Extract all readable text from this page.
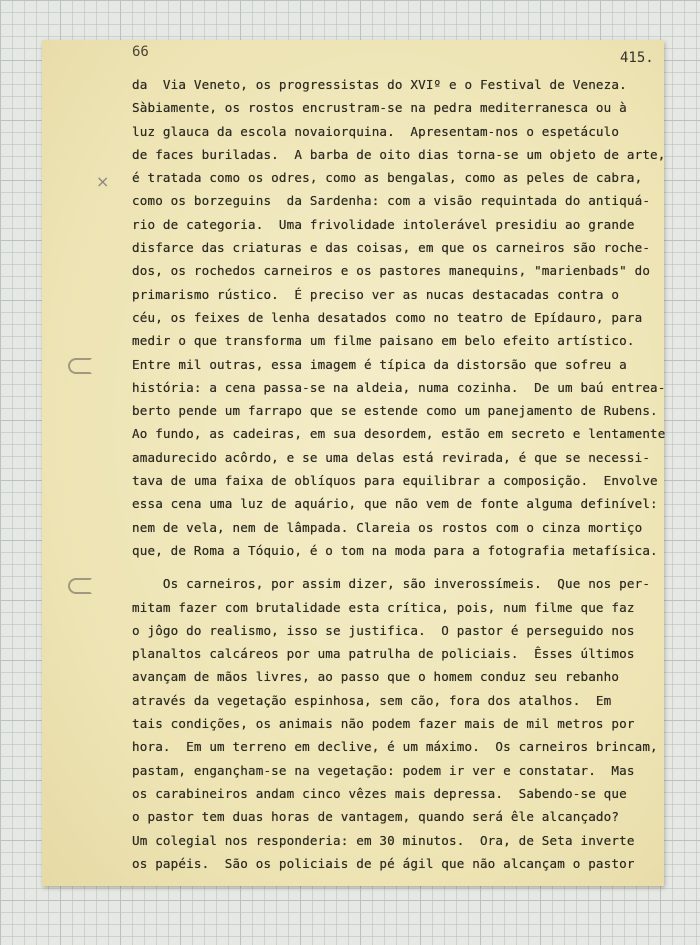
66	415.
×
da  Via Veneto, os progressistas do XVIº e o Festival de Veneza.
Sàbiamente, os rostos encrustram-se na pedra mediterranesca ou à
luz glauca da escola novaiorquina.  Apresentam-nos o espetáculo
de faces buriladas.  A barba de oito dias torna-se um objeto de arte,
é tratada como os odres, como as bengalas, como as peles de cabra,
como os borzeguins  da Sardenha: com a visão requintada do antiquá-
rio de categoria.  Uma frivolidade intolerável presidiu ao grande
disfarce das criaturas e das coisas, em que os carneiros são roche-
dos, os rochedos carneiros e os pastores manequins, "marienbads" do
primarismo rústico.  É preciso ver as nucas destacadas contra o
céu, os feixes de lenha desatados como no teatro de Epídauro, para
medir o que transforma um filme paisano em belo efeito artístico.
Entre mil outras, essa imagem é típica da distorsão que sofreu a
história: a cena passa-se na aldeia, numa cozinha.  De um baú entrea-
berto pende um farrapo que se estende como um panejamento de Rubens.
Ao fundo, as cadeiras, em sua desordem, estão em secreto e lentamente
amadurecido acôrdo, e se uma delas está revirada, é que se necessi-
tava de uma faixa de oblíquos para equilibrar a composição.  Envolve
essa cena uma luz de aquário, que não vem de fonte alguma definível:
nem de vela, nem de lâmpada. Clareia os rostos com o cinza mortiço
que, de Roma a Tóquio, é o tom na moda para a fotografia metafísica.
Os carneiros, por assim dizer, são inverossímeis.  Que nos per-
mitam fazer com brutalidade esta crítica, pois, num filme que faz
o jôgo do realismo, isso se justifica.  O pastor é perseguido nos
planaltos calcáreos por uma patrulha de policiais.  Êsses últimos
avançam de mãos livres, ao passo que o homem conduz seu rebanho
através da vegetação espinhosa, sem cão, fora dos atalhos.  Em
tais condições, os animais não podem fazer mais de mil metros por
hora.  Em um terreno em declive, é um máximo.  Os carneiros brincam,
pastam, engançham-se na vegetação: podem ir ver e constatar.  Mas
os carabineiros andam cinco vêzes mais depressa.  Sabendo-se que
o pastor tem duas horas de vantagem, quando será êle alcançado?
Um colegial nos responderia: em 30 minutos.  Ora, de Seta inverte
os papéis.  São os policiais de pé ágil que não alcançam o pastor
